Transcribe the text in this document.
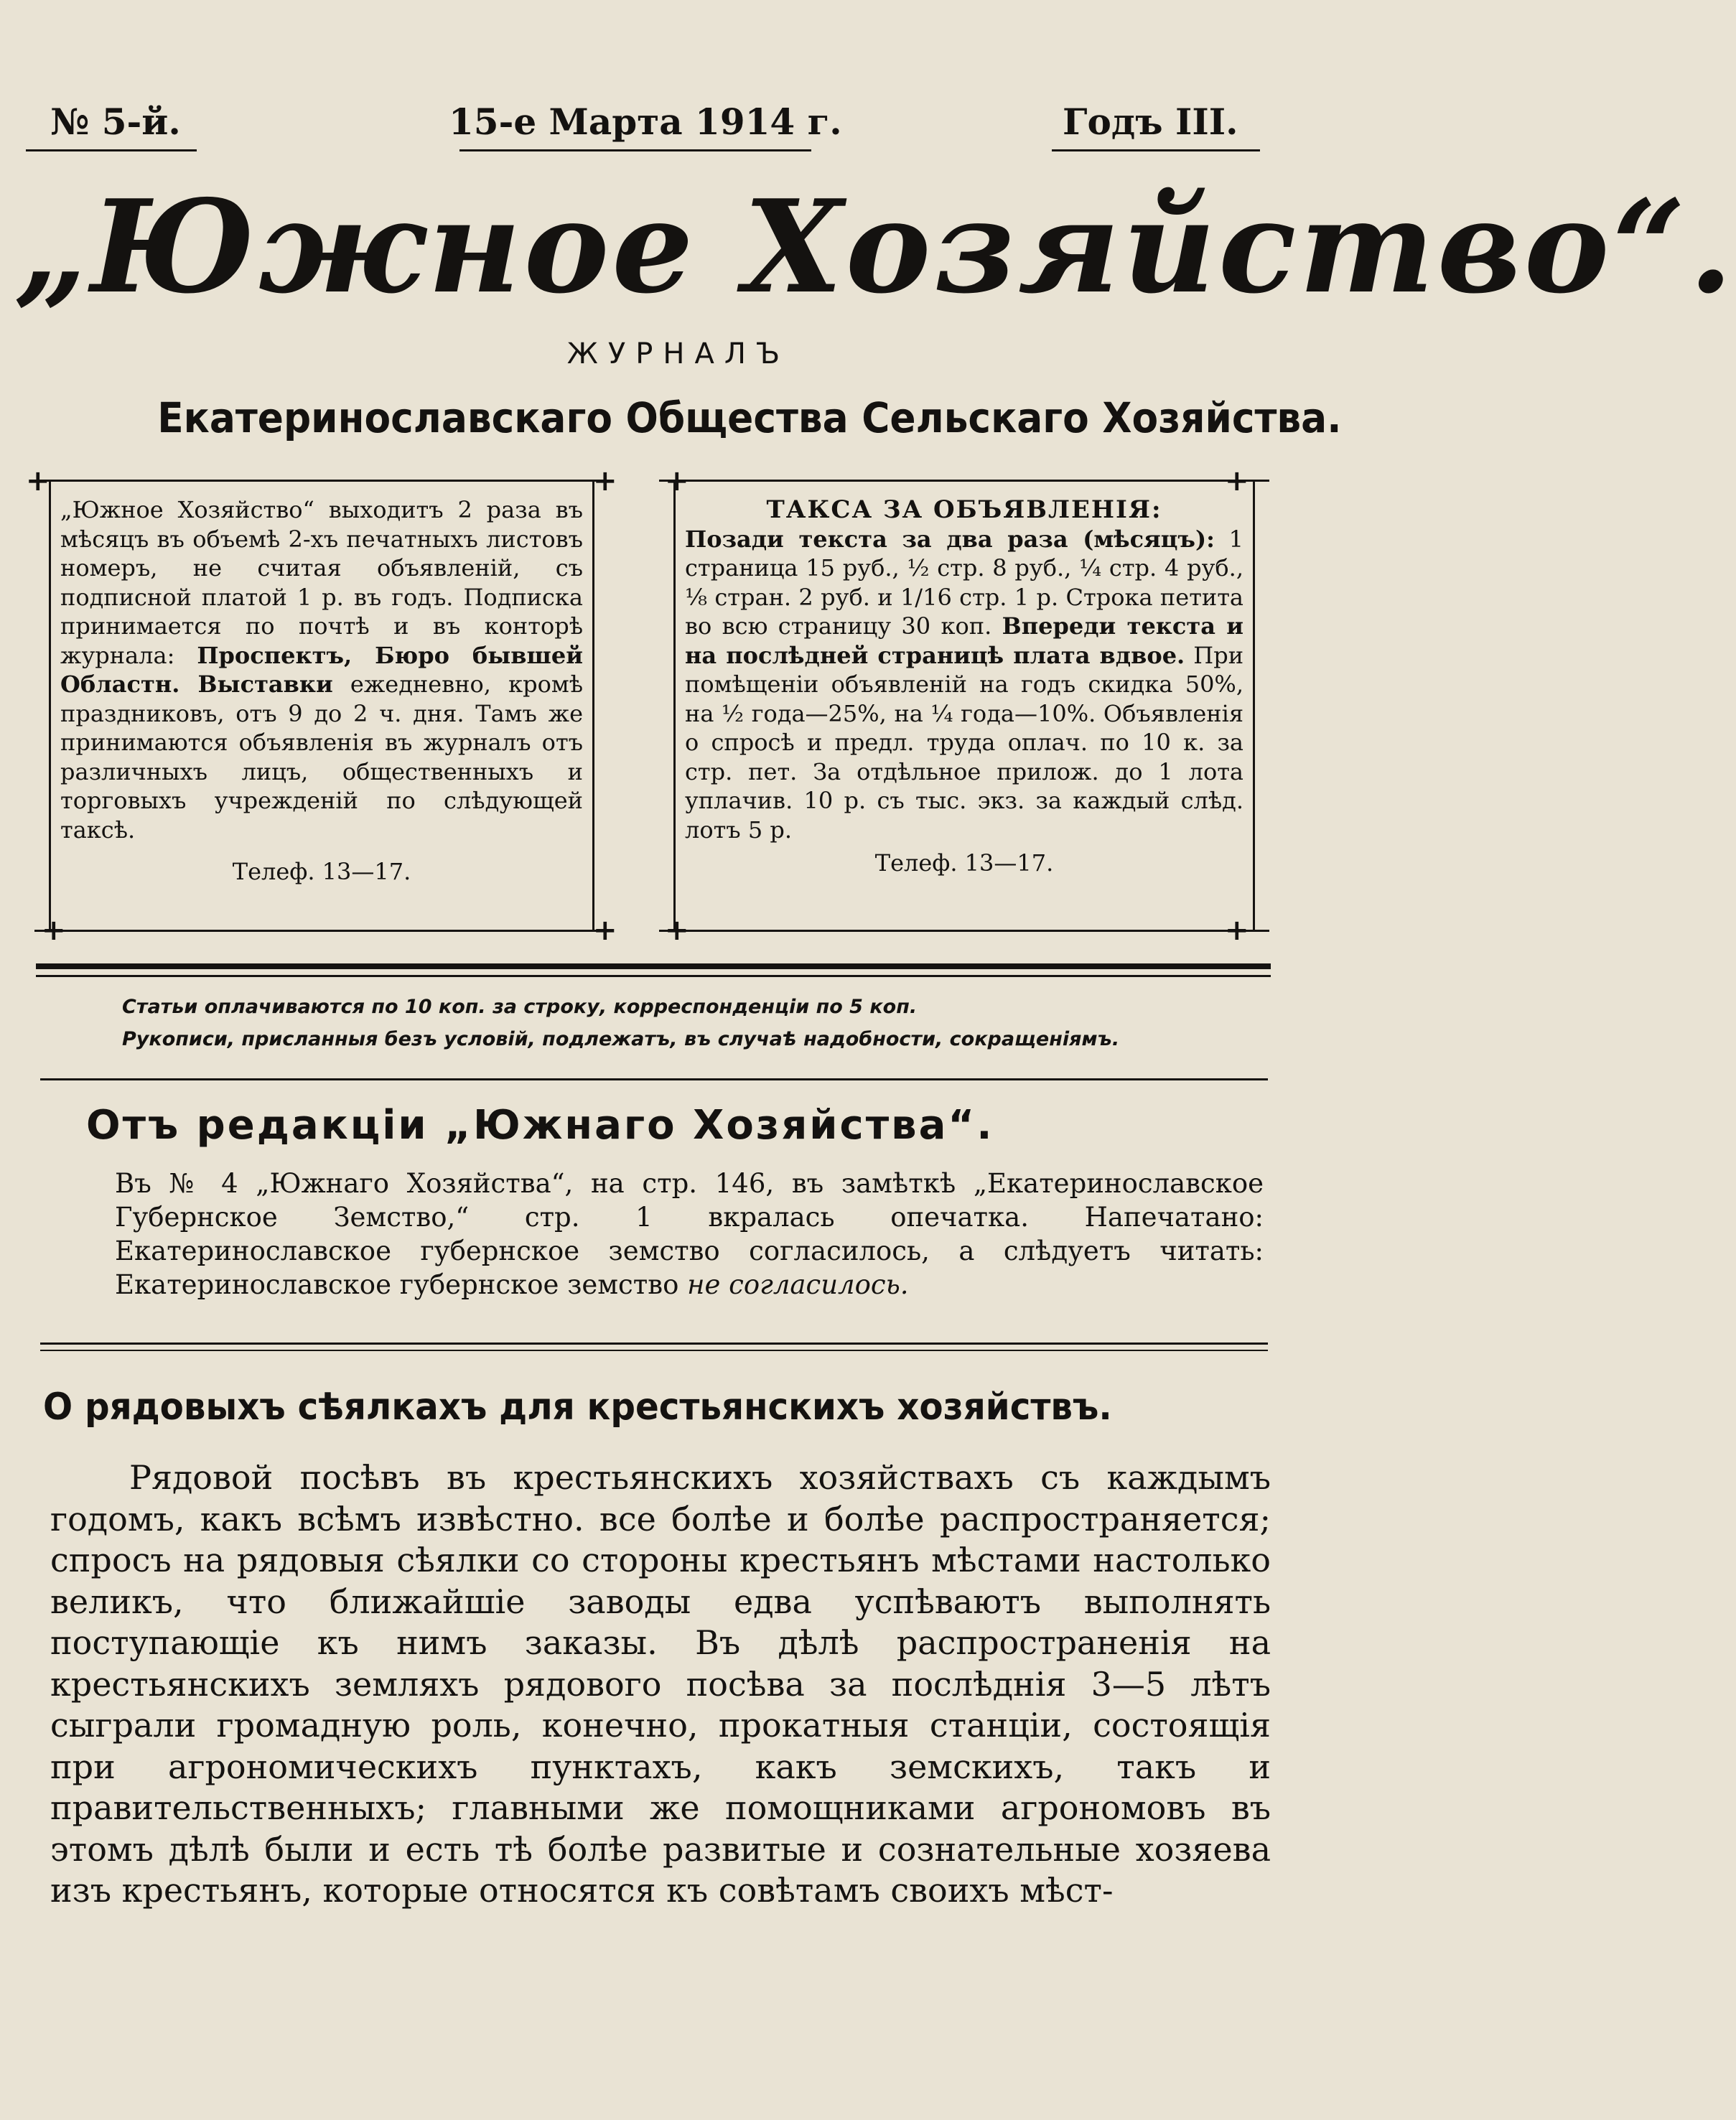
№ 5-й.	15-е Марта 1914 г.	Годъ III.
„Южное Хозяйство“.
ЖУРНАЛЪ
Екатеринославскаго Общества Сельскаго Хозяйства.

„Южное Хозяйство“ выходитъ 2 раза въ мѣсяцъ въ объемѣ 2-хъ печатныхъ листовъ номеръ, не считая объявленій, съ подписной платой 1 р. въ годъ. Подписка принимается по почтѣ и въ конторѣ журнала: Проспектъ, Бюро бывшей Областн. Выставки ежедневно, кромѣ праздниковъ, отъ 9 до 2 ч. дня. Тамъ же принимаются объявленія въ журналъ отъ различныхъ лицъ, общественныхъ и торговыхъ учрежденій по слѣдующей таксѣ.

Телеф. 13—17.

+	+
+	+

ТАКСА ЗА ОБЪЯВЛЕНІЯ:

Позади текста за два раза (мѣсяцъ): 1 страница 15 руб., ½ стр. 8 руб., ¼ стр. 4 руб., ⅛ стран. 2 руб. и 1/16 стр. 1 р. Строка петита во всю страницу 30 коп. Впереди текста и на послѣдней страницѣ плата вдвое. При помѣщеніи объявленій на годъ скидка 50%, на ½ года—25%, на ¼ года—10%. Объявленія о спросѣ и предл. труда оплач. по 10 к. за стр. пет. За отдѣльное прилож. до 1 лота уплачив. 10 р. съ тыс. экз. за каждый слѣд. лотъ 5 р.

Телеф. 13—17.

+	+
+	+
Статьи оплачиваются по 10 коп. за строку, корреспонденціи по 5 коп.
Рукописи, присланныя безъ условій, подлежатъ, въ случаѣ надобности, сокращеніямъ.
Отъ редакціи „Южнаго Хозяйства“.

Въ № 4 „Южнаго Хозяйства“, на стр. 146, въ замѣткѣ „Екатеринославское Губернское Земство,“ стр. 1 вкралась опечатка. Напечатано: Екатеринославское губернское земство согласилось, а слѣдуетъ читать: Екатеринославское губернское земство не согласилось.

О рядовыхъ сѣялкахъ для крестьянскихъ хозяйствъ.

Рядовой посѣвъ въ крестьянскихъ хозяйствахъ съ каждымъ годомъ, какъ всѣмъ извѣстно. все болѣе и болѣе распространяется; спросъ на рядовыя сѣялки со стороны крестьянъ мѣстами настолько великъ, что ближайшіе заводы едва успѣваютъ выполнять поступающіе къ нимъ заказы. Въ дѣлѣ распространенія на крестьянскихъ земляхъ рядового посѣва за послѣднія 3—5 лѣтъ сыграли громадную роль, конечно, прокатныя станціи, состоящія при агрономическихъ пунктахъ, какъ земскихъ, такъ и правительственныхъ; главными же помощниками агрономовъ въ этомъ дѣлѣ были и есть тѣ болѣе развитые и сознательные хозяева изъ крестьянъ, которые относятся къ совѣтамъ своихъ мѣст-
